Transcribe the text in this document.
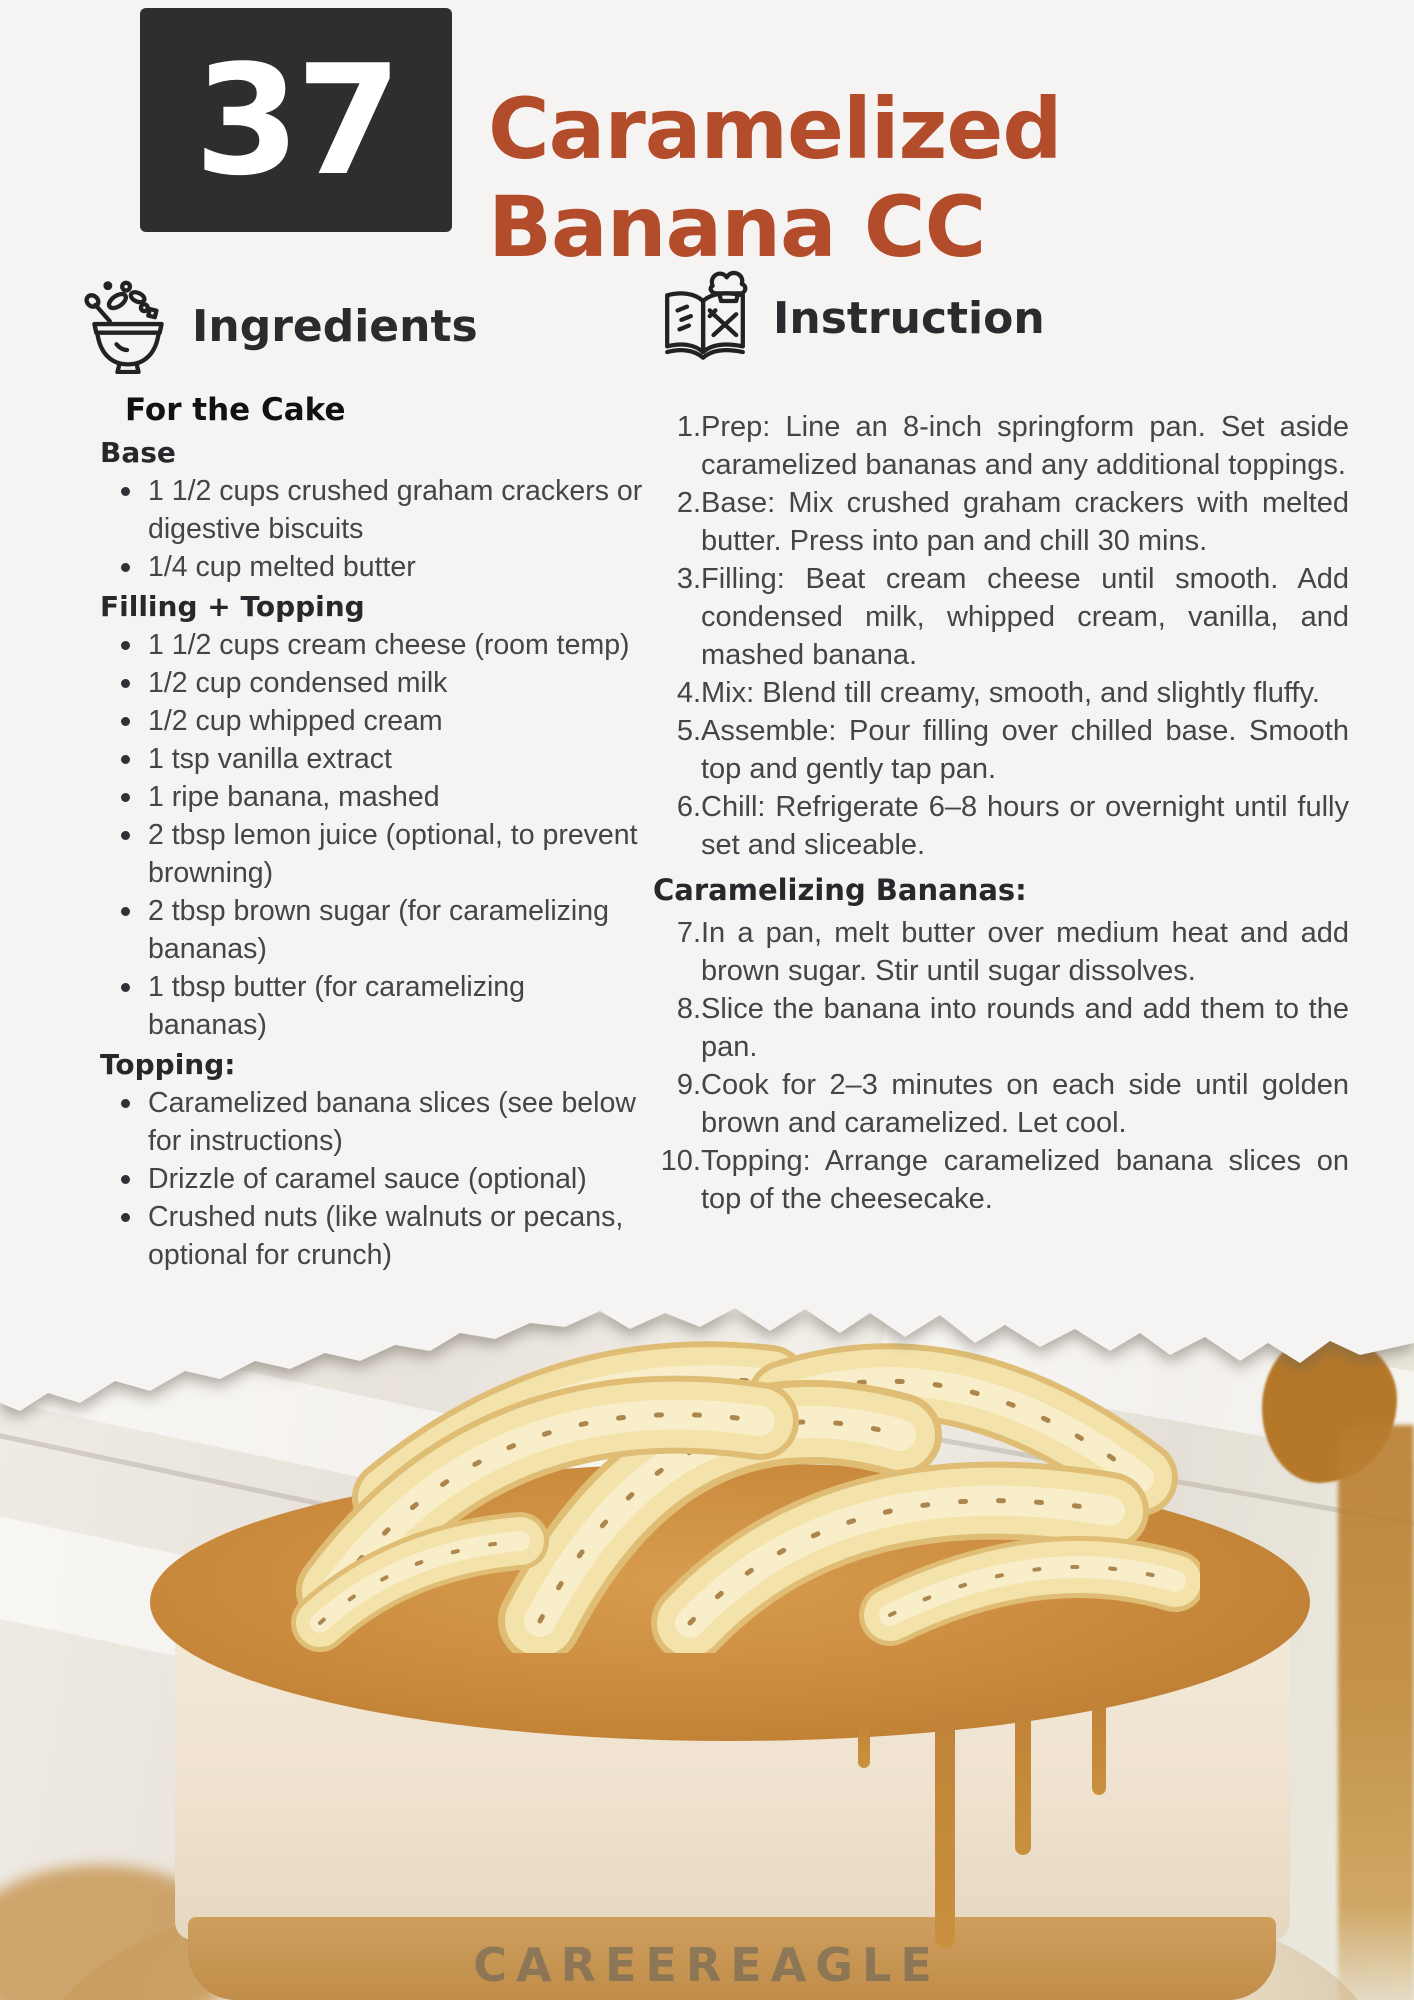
37 Caramelized
Banana CC
Ingredients
For the Cake
Base
1 1/2 cups crushed graham crackers or digestive biscuits
1/4 cup melted butter
Filling + Topping
1 1/2 cups cream cheese (room temp)
1/2 cup condensed milk
1/2 cup whipped cream
1 tsp vanilla extract
1 ripe banana, mashed
2 tbsp lemon juice (optional, to prevent browning)
2 tbsp brown sugar (for caramelizing bananas)
1 tbsp butter (for caramelizing bananas)
Topping:
Caramelized banana slices (see below for instructions)
Drizzle of caramel sauce (optional)
Crushed nuts (like walnuts or pecans, optional for crunch)
Instruction
1. Prep: Line an 8-inch springform pan. Set aside caramelized bananas and any additional toppings.
2. Base: Mix crushed graham crackers with melted butter. Press into pan and chill 30 mins.
3. Filling: Beat cream cheese until smooth. Add condensed milk, whipped cream, vanilla, and mashed banana.
4. Mix: Blend till creamy, smooth, and slightly fluffy.
5. Assemble: Pour filling over chilled base. Smooth top and gently tap pan.
6. Chill: Refrigerate 6–8 hours or overnight until fully set and sliceable.
Caramelizing Bananas:
7. In a pan, melt butter over medium heat and add brown sugar. Stir until sugar dissolves.
8. Slice the banana into rounds and add them to the pan.
9. Cook for 2–3 minutes on each side until golden brown and caramelized. Let cool.
10. Topping: Arrange caramelized banana slices on top of the cheesecake.
CAREEREAGLE
